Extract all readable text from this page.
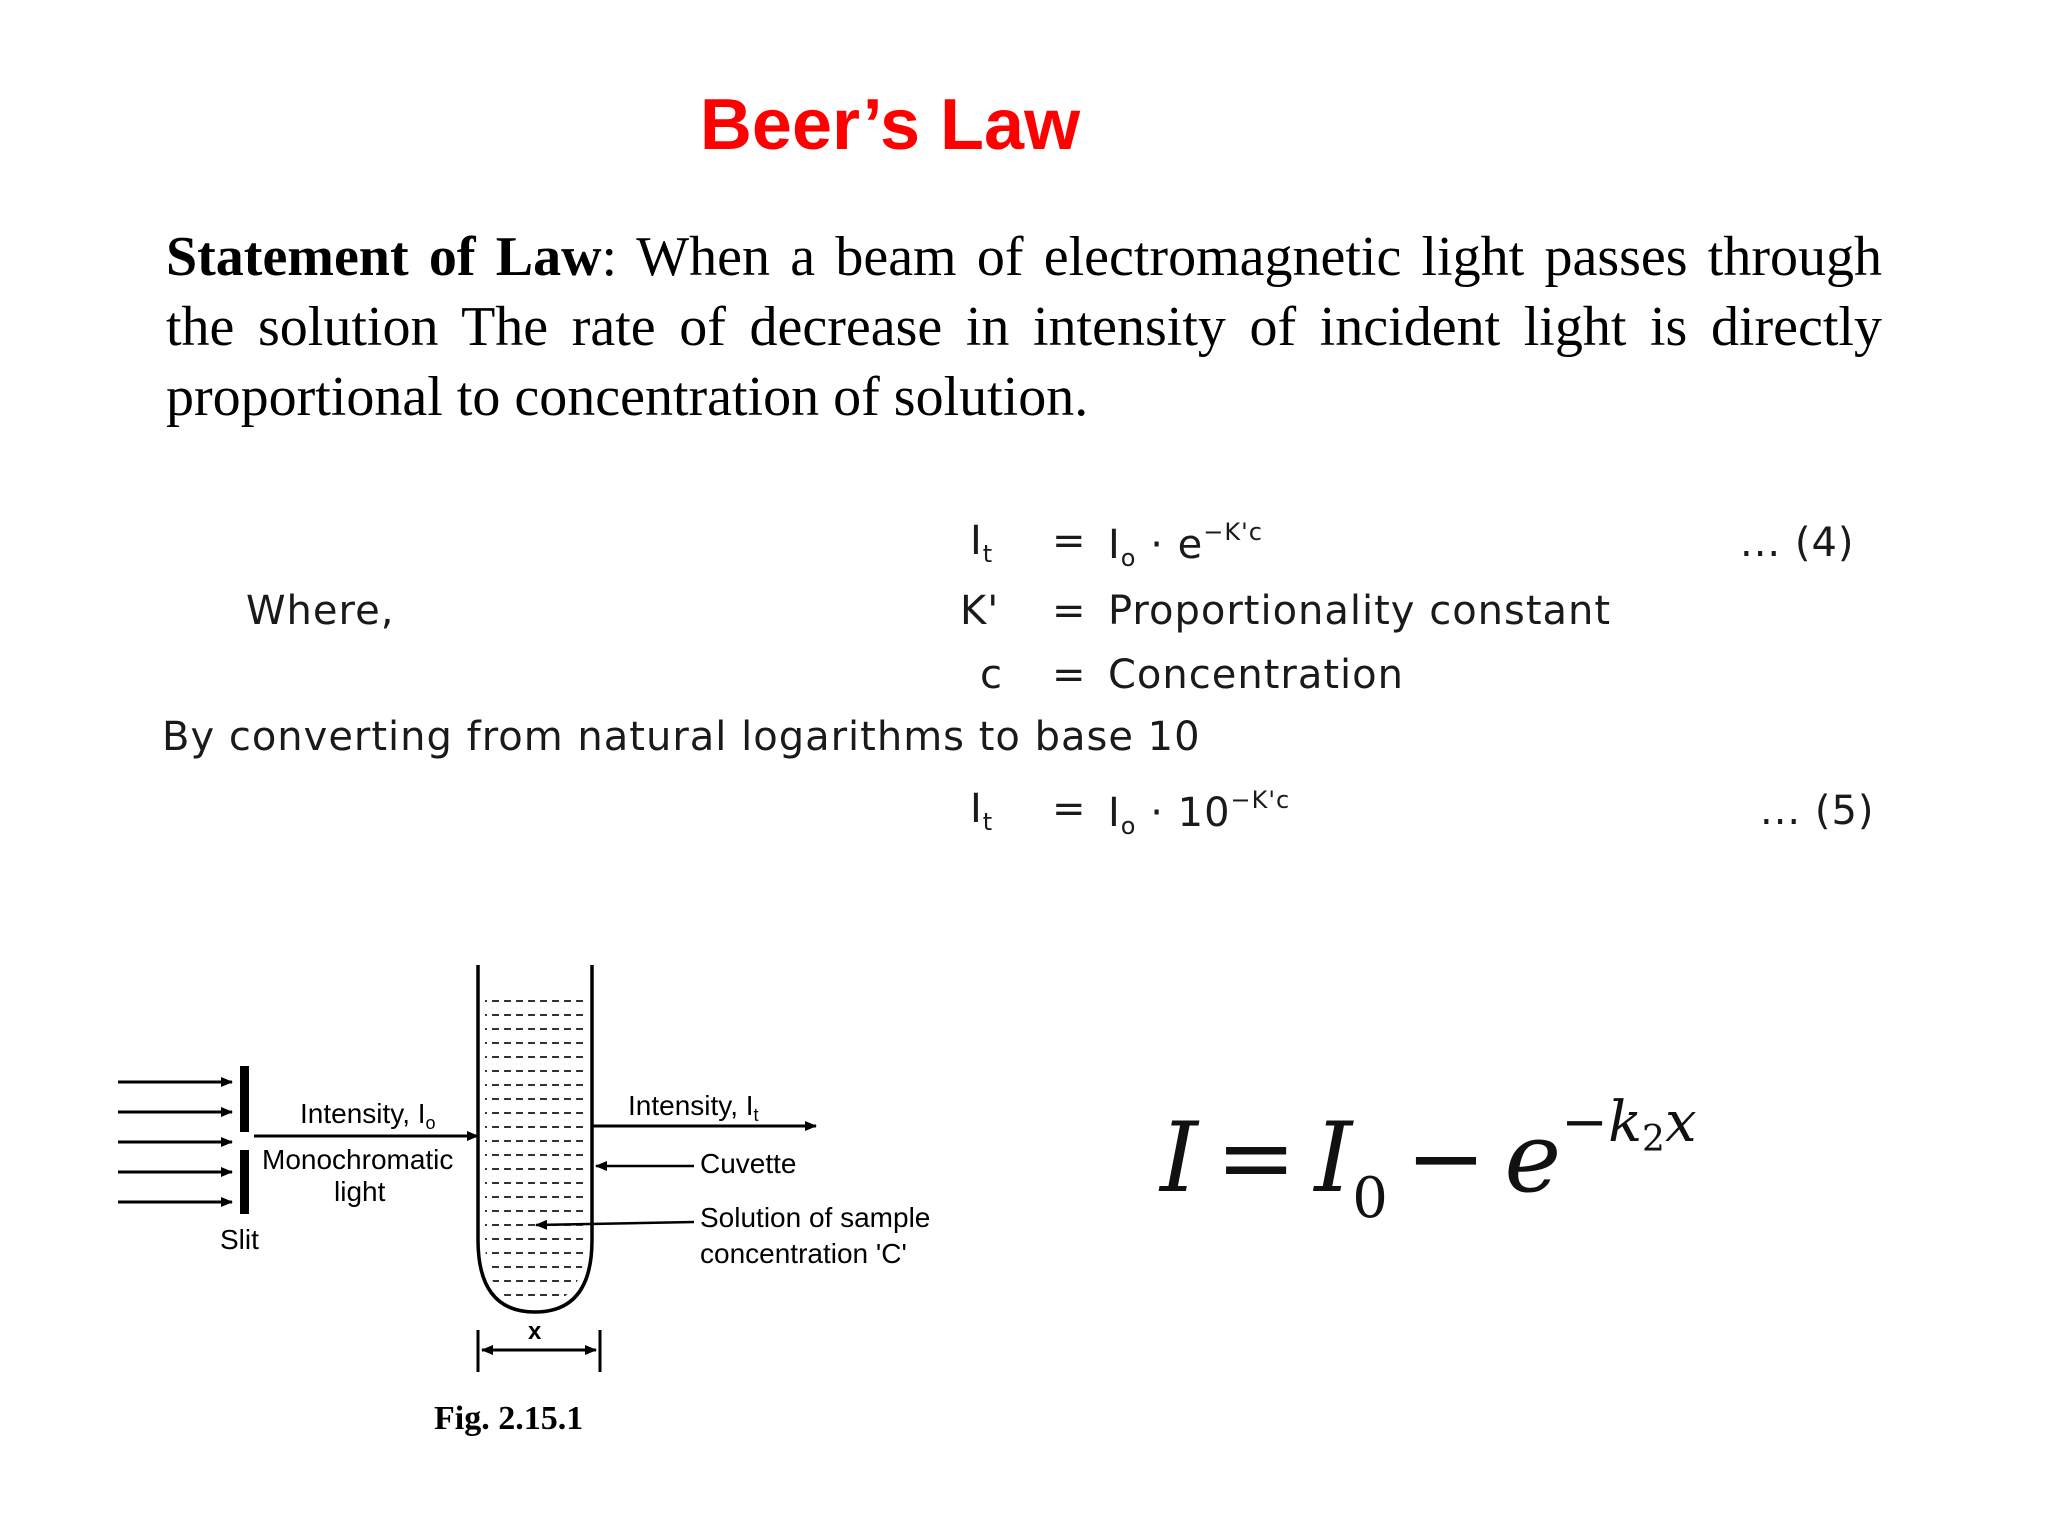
Beer’s Law
Statement of Law: When a beam of electromagnetic light passes through the solution The rate of decrease in intensity of incident light is directly proportional to concentration of solution.
$I_t = I_o \cdot e^{-K'c}$	... (4)
Where,	K' = Proportionality constant
c = Concentration
By converting from natural logarithms to base 10
$I_t = I_o \cdot 10^{-K'c}$	... (5)
Intensity, $I_o$
Monochromatic
light
Slit
Intensity, $I_t$
Cuvette
Solution of sample
concentration 'C'
x
Fig. 2.15.1
$I = I_0 - e^{-k_2x}$
